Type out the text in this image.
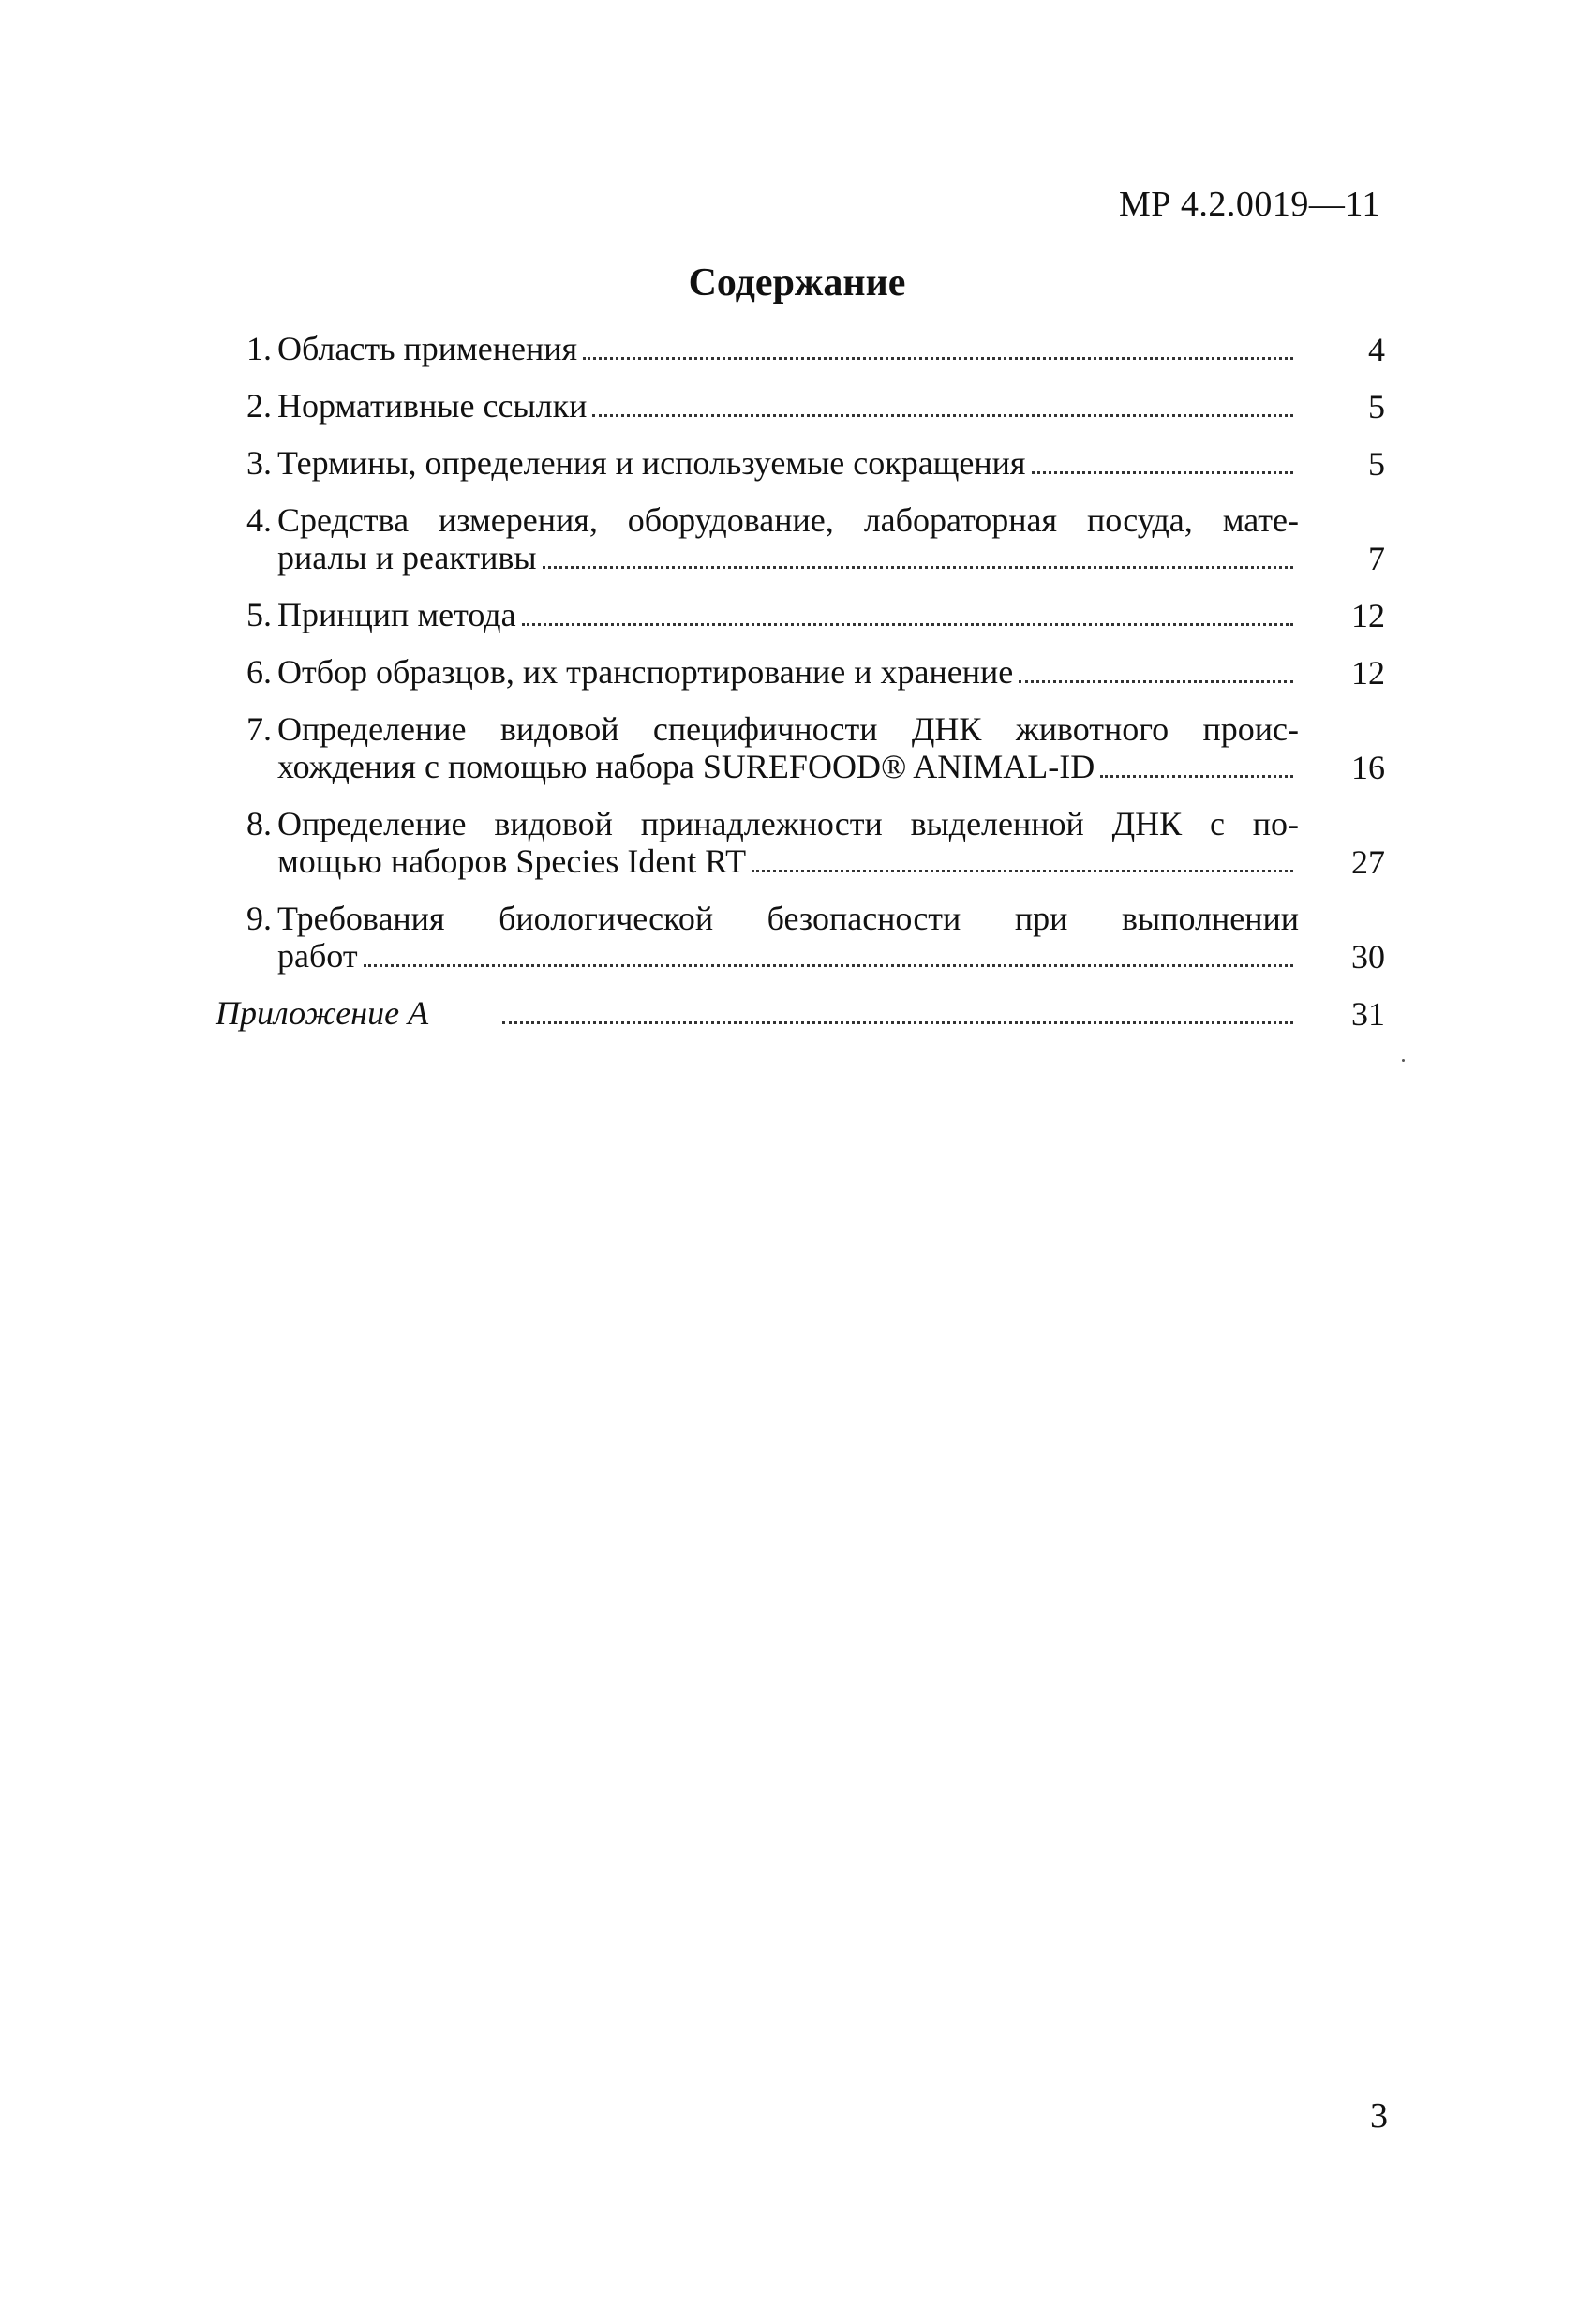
МР 4.2.0019—11
Содержание
1. Область применения	4
2. Нормативные ссылки	5
3. Термины, определения и используемые сокращения	5
4. Средства измерения, оборудование, лабораторная посуда, мате-
риалы и реактивы	7
5. Принцип метода	12
6. Отбор образцов, их транспортирование и хранение	12
7. Определение видовой специфичности ДНК животного проис-
хождения с помощью набора SUREFOOD® ANIMAL-ID	16
8. Определение видовой принадлежности выделенной ДНК с по-
мощью наборов Species Ident RT	27
9. Требования биологической безопасности при выполнении
работ	30
Приложение А	31
3
